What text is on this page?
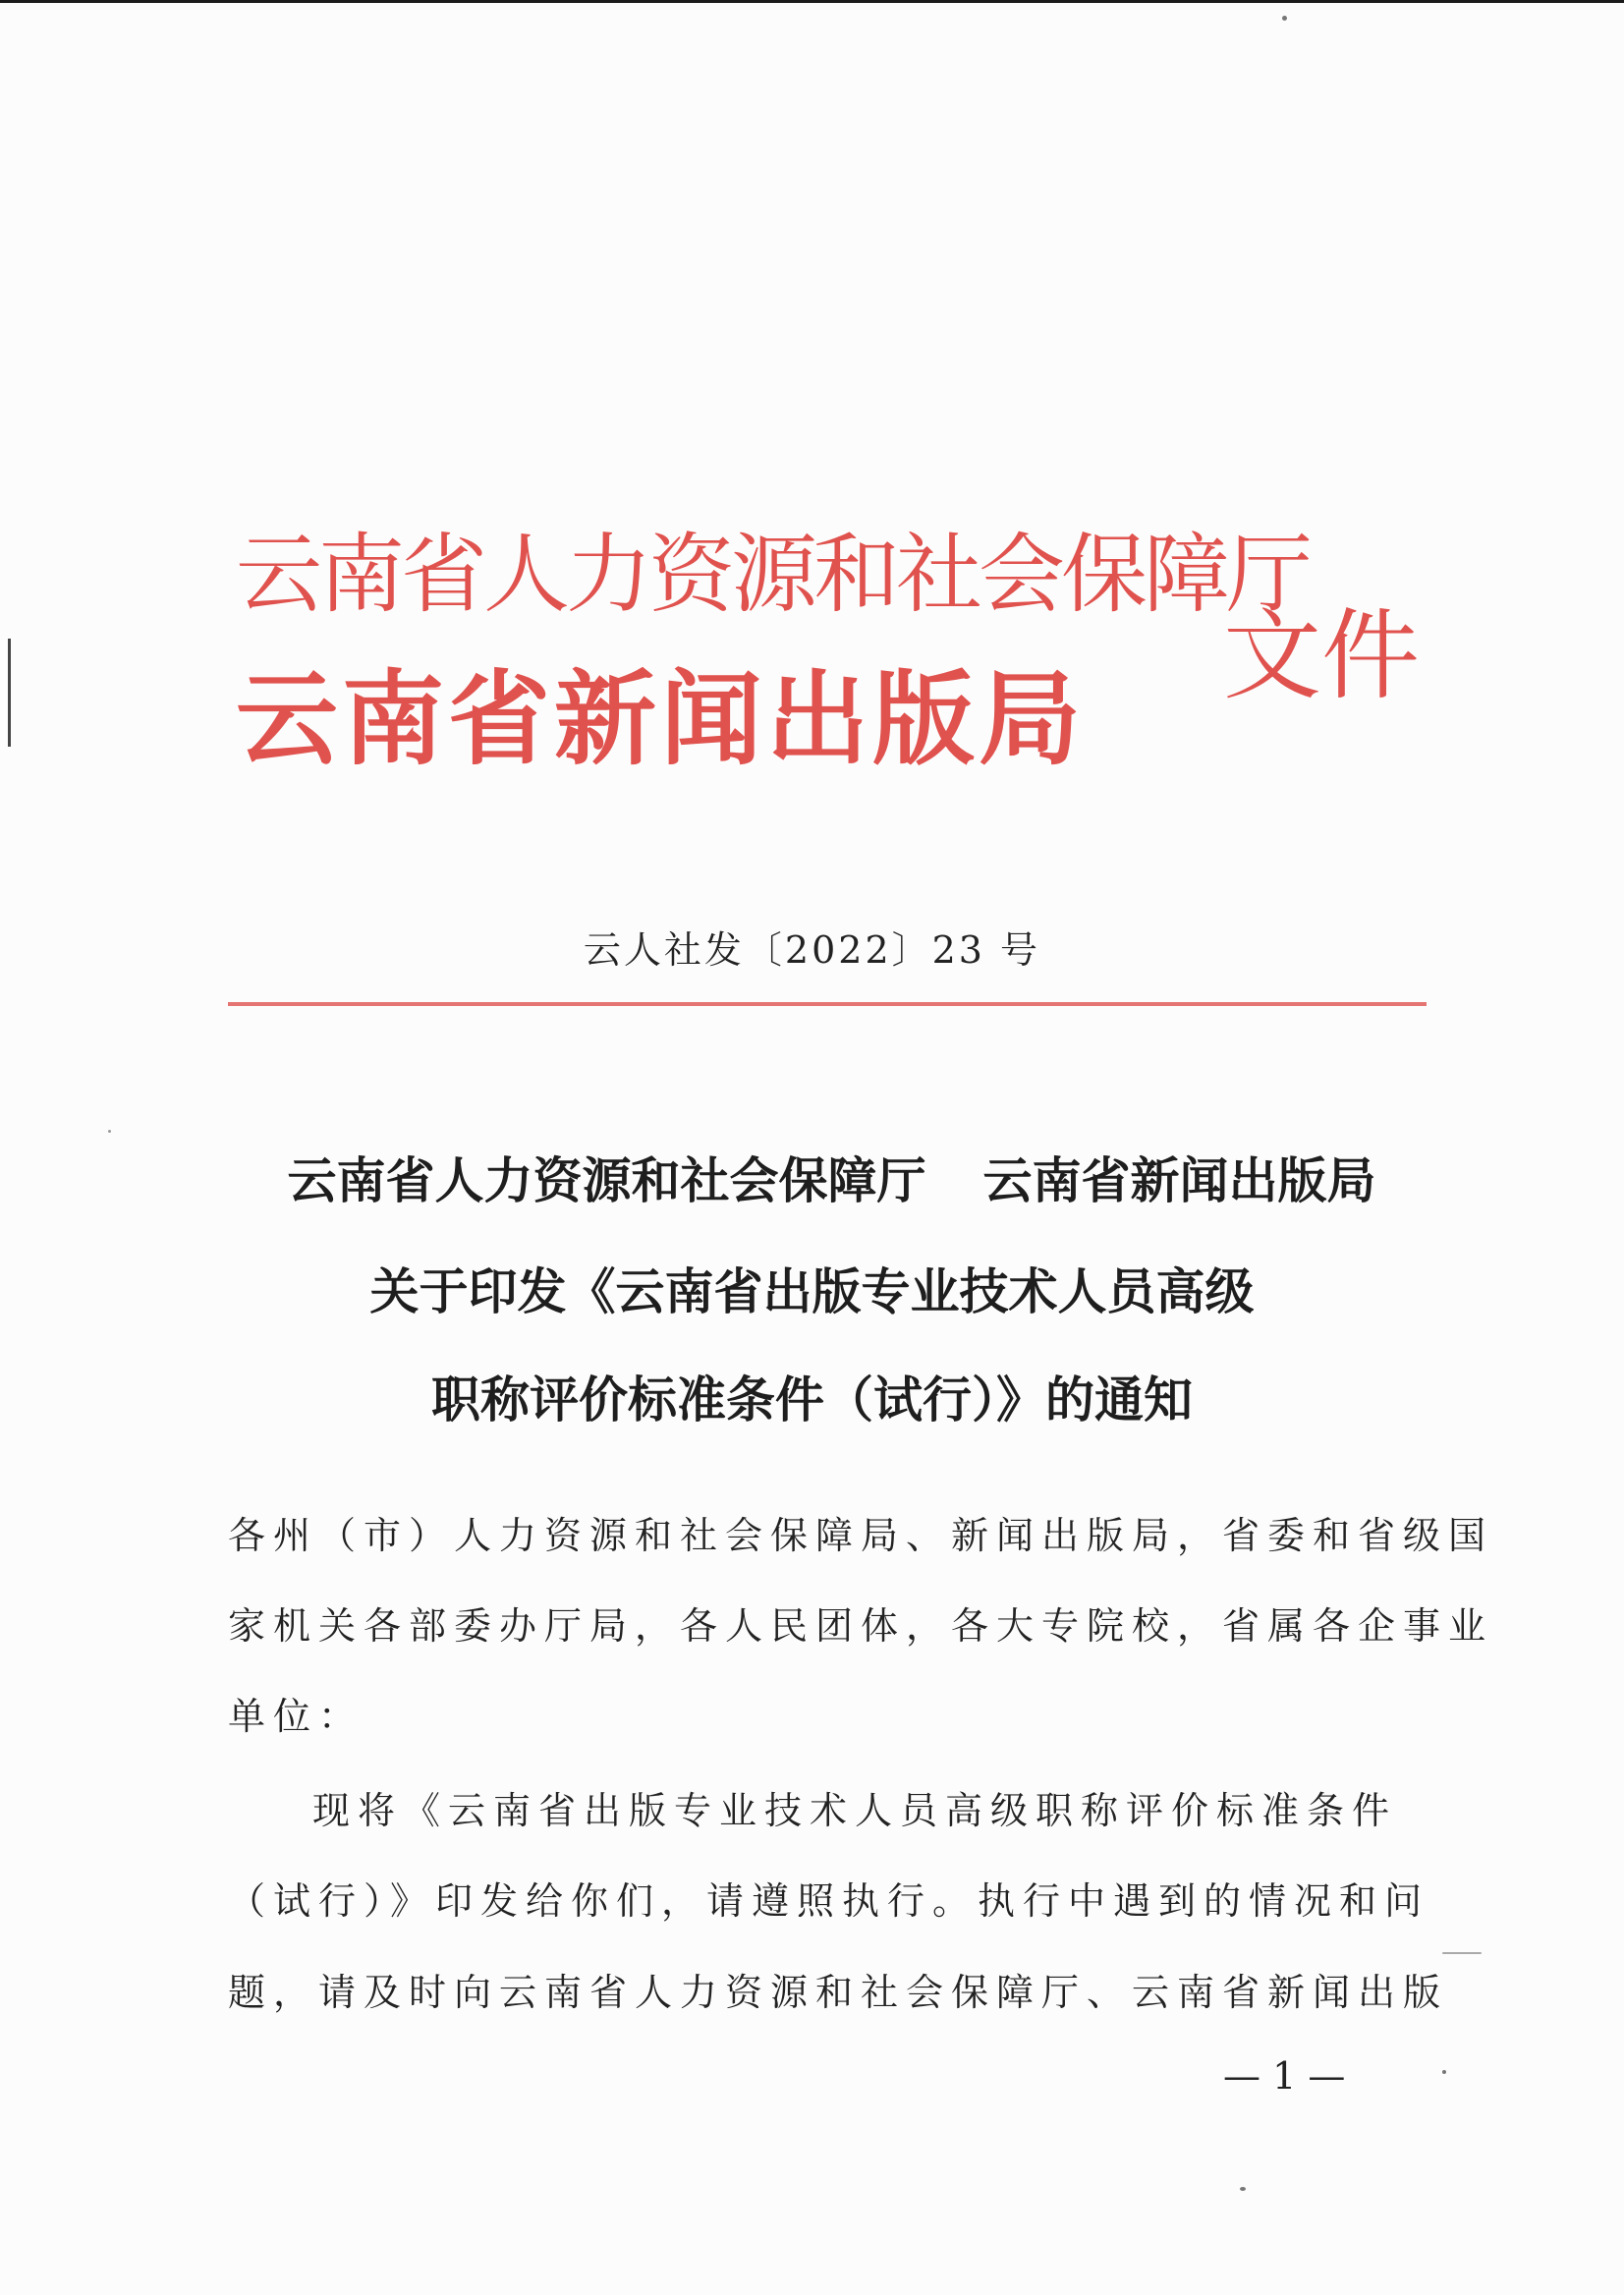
云南省人力资源和社会保障厅
云南省新闻出版局
文件
云人社发〔2022〕23 号
云南省人力资源和社会保障厅 云南省新闻出版局
关于印发《云南省出版专业技术人员高级
职称评价标准条件（试行）》的通知
各州（市）人力资源和社会保障局、新闻出版局，省委和省级国
家机关各部委办厅局，各人民团体，各大专院校，省属各企事业
单位：
现将《云南省出版专业技术人员高级职称评价标准条件
（试行）》印发给你们，请遵照执行。执行中遇到的情况和问
题，请及时向云南省人力资源和社会保障厅、云南省新闻出版
— 1 —
